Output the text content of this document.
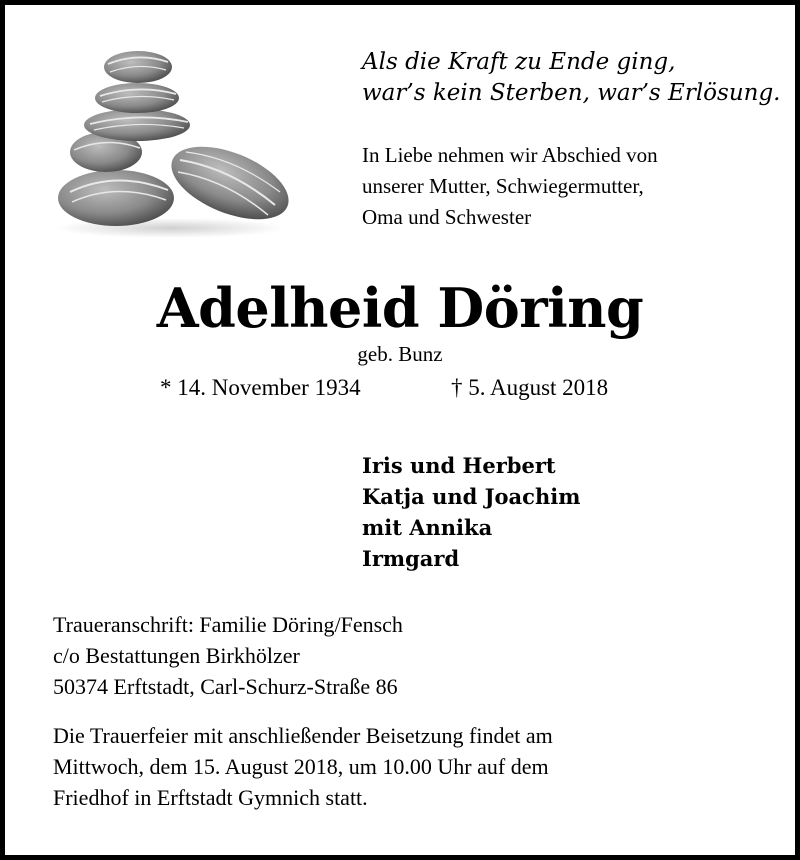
Als die Kraft zu Ende ging,
war’s kein Sterben, war’s Erlösung.
In Liebe nehmen wir Abschied von
unserer Mutter, Schwiegermutter,
Oma und Schwester
Adelheid Döring
geb. Bunz
* 14. November 1934	† 5. August 2018
Iris und Herbert
Katja und Joachim
mit Annika
Irmgard
Traueranschrift: Familie Döring/Fensch
c/o Bestattungen Birkhölzer
50374 Erftstadt, Carl-Schurz-Straße 86
Die Trauerfeier mit anschließender Beisetzung findet am
Mittwoch, dem 15. August 2018, um 10.00 Uhr auf dem
Friedhof in Erftstadt Gymnich statt.
